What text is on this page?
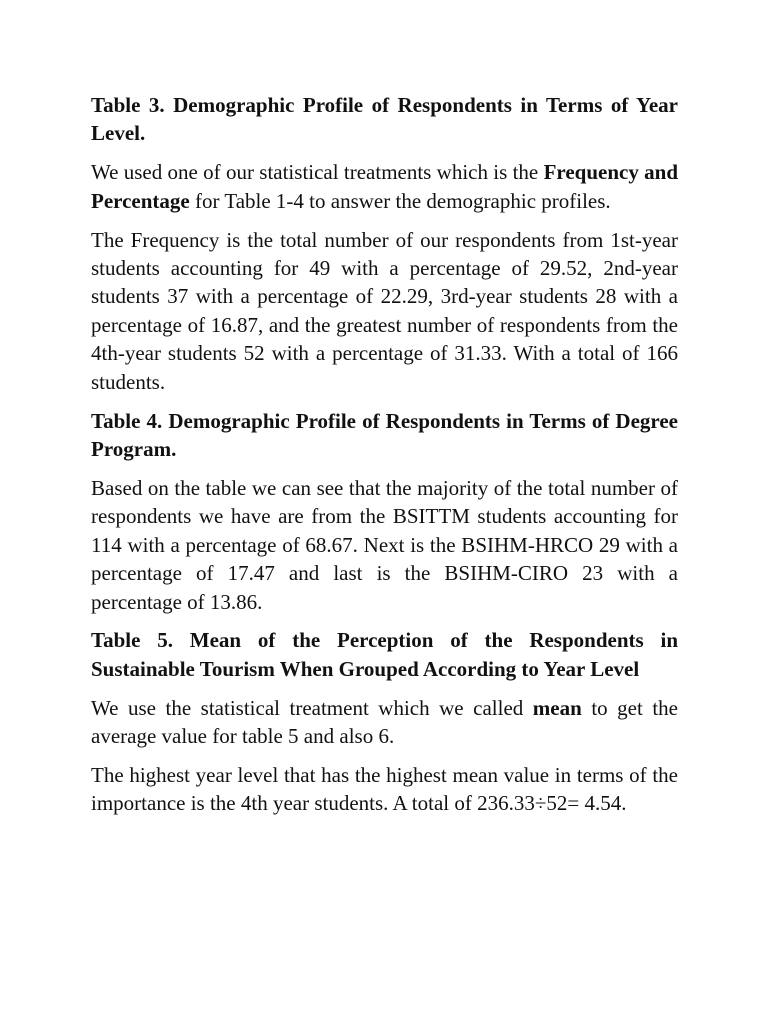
Table 3. Demographic Profile of Respondents in Terms of Year Level.

We used one of our statistical treatments which is the Frequency and Percentage for Table 1-4 to answer the demographic profiles.

The Frequency is the total number of our respondents from 1st-year students accounting for 49 with a percentage of 29.52, 2nd-year students 37 with a percentage of 22.29, 3rd-year students 28 with a percentage of 16.87, and the greatest number of respondents from the 4th-year students 52 with a percentage of 31.33. With a total of 166 students.

Table 4. Demographic Profile of Respondents in Terms of Degree Program.

Based on the table we can see that the majority of the total number of respondents we have are from the BSITTM students accounting for 114 with a percentage of 68.67. Next is the BSIHM-HRCO 29 with a percentage of 17.47 and last is the BSIHM-CIRO 23 with a percentage of 13.86.

Table 5. Mean of the Perception of the Respondents in Sustainable Tourism When Grouped According to Year Level

We use the statistical treatment which we called mean to get the average value for table 5 and also 6.

The highest year level that has the highest mean value in terms of the importance is the 4th year students. A total of 236.33÷52= 4.54.
